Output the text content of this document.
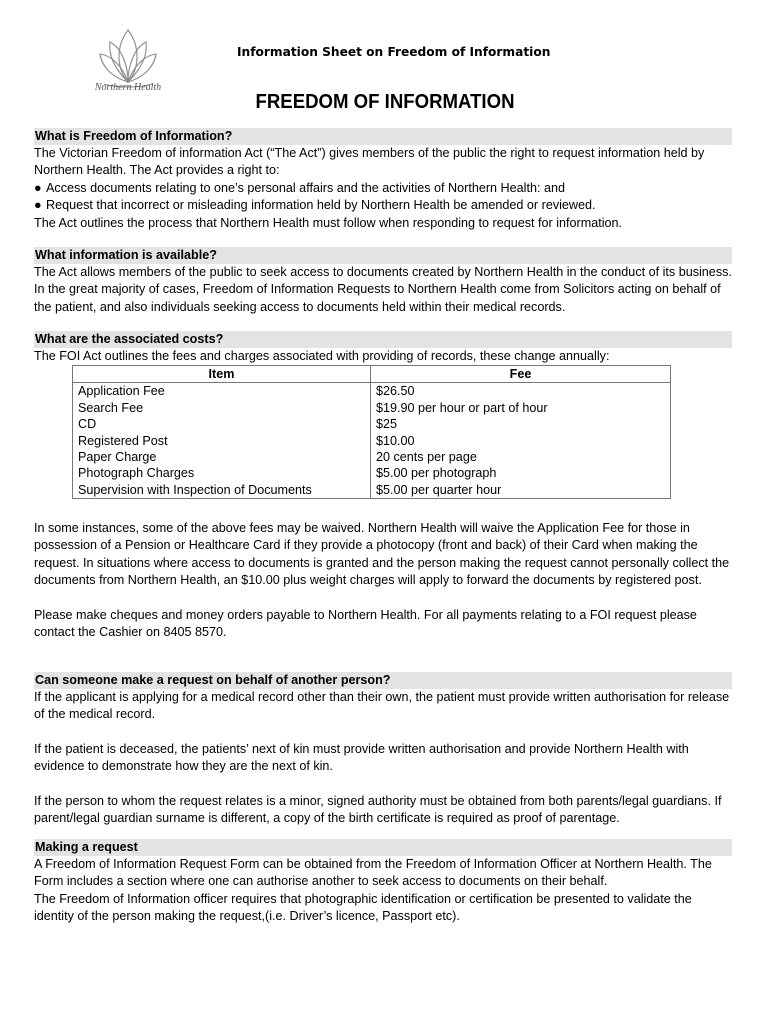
Northern Health
Information Sheet on Freedom of Information
FREEDOM OF INFORMATION
What is Freedom of Information?

The Victorian Freedom of information Act (“The Act”) gives members of the public the right to request information held by Northern Health. The Act provides a right to:

● Access documents relating to one’s personal affairs and the activities of Northern Health: and

● Request that incorrect or misleading information held by Northern Health be amended or reviewed.

The Act outlines the process that Northern Health must follow when responding to request for information.

What information is available?

The Act allows members of the public to seek access to documents created by Northern Health in the conduct of its business. In the great majority of cases, Freedom of Information Requests to Northern Health come from Solicitors acting on behalf of the patient, and also individuals seeking access to documents held within their medical records.

What are the associated costs?

The FOI Act outlines the fees and charges associated with providing of records, these change annually:

Item	Fee
Application Fee	$26.50
Search Fee	$19.90 per hour or part of hour
CD	$25
Registered Post	$10.00
Paper Charge	20 cents per page
Photograph Charges	$5.00 per photograph
Supervision with Inspection of Documents	$5.00 per quarter hour

In some instances, some of the above fees may be waived. Northern Health will waive the Application Fee for those in possession of a Pension or Healthcare Card if they provide a photocopy (front and back) of their Card when making the request. In situations where access to documents is granted and the person making the request cannot personally collect the documents from Northern Health, an $10.00 plus weight charges will apply to forward the documents by registered post.

Please make cheques and money orders payable to Northern Health. For all payments relating to a FOI request please contact the Cashier on 8405 8570.

Can someone make a request on behalf of another person?

If the applicant is applying for a medical record other than their own, the patient must provide written authorisation for release of the medical record.

If the patient is deceased, the patients’ next of kin must provide written authorisation and provide Northern Health with evidence to demonstrate how they are the next of kin.

If the person to whom the request relates is a minor, signed authority must be obtained from both parents/legal guardians. If parent/legal guardian surname is different, a copy of the birth certificate is required as proof of parentage.

Making a request

A Freedom of Information Request Form can be obtained from the Freedom of Information Officer at Northern Health. The Form includes a section where one can authorise another to seek access to documents on their behalf.

The Freedom of Information officer requires that photographic identification or certification be presented to validate the identity of the person making the request,(i.e. Driver’s licence, Passport etc).
